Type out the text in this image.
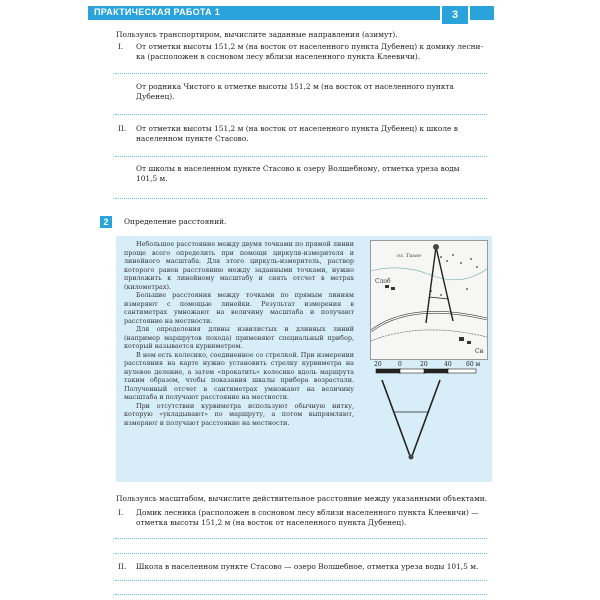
ПРАКТИЧЕСКАЯ РАБОТА 1	3
Пользуясь транспортиром, вычислите заданные направления (азимут).
I. От отметки высоты 151,2 м (на восток от населенного пункта Дубенец) к домику лесни-
ка (расположен в сосновом лесу вблизи населенного пункта Клеевичи).
От родника Чистого к отметке высоты 151,2 м (на восток от населенного пункта
Дубенец).
II. От отметки высоты 151,2 м (на восток от населенного пункта Дубенец) к школе в
населенном пункте Стасово.
От школы в населенном пункте Стасово к озеру Волшебному, отметка уреза воды
101,5 м.
2	Определение расстояний.

Небольшое расстояние между двумя точками по прямой линии проще всего определить при помощи циркуля-измерителя и линейного масштаба. Для этого циркуль-измеритель, раствор которого равен расстоянию между заданными точками, нужно приложить к линейному масштабу и снять отсчет в метрах (километрах).

Большие расстояния между точками по прямым линиям измеряют с помощью линейки. Результат измерения в сантиметрах умножают на величину масштаба и получают расстояние на местности.

Для определения длины извилистых и длинных линий (например маршрутов похода) применяют специальный прибор, который называется курвиметром.

В нем есть колесико, соединенное со стрелкой. При измерении расстояния на карте нужно установить стрелку курвиметра на нулевое деление, а затем «прокатить» колесико вдоль маршрута таким образом, чтобы показания шкалы прибора возрастали. Полученный отсчет в сантиметрах умножают на величину масштаба и получают расстояние на местности.

При отсутствии курвиметра используют обычную нитку, которую «укладывают» по маршруту, а потом выпрямляют, измеряют и получают расстояние на местности.

оз. Тихое
Слоб
Сн
20	0	20	40 60 м
Пользуясь масштабом, вычислите действительное расстояние между указанными объектами.
I. Домик лесника (расположен в сосновом лесу вблизи населенного пункта Клеевичи) —
отметка высоты 151,2 м (на восток от населенного пункта Дубенец).
II. Школа в населенном пункте Стасово — озеро Волшебное, отметка уреза воды 101,5 м.
